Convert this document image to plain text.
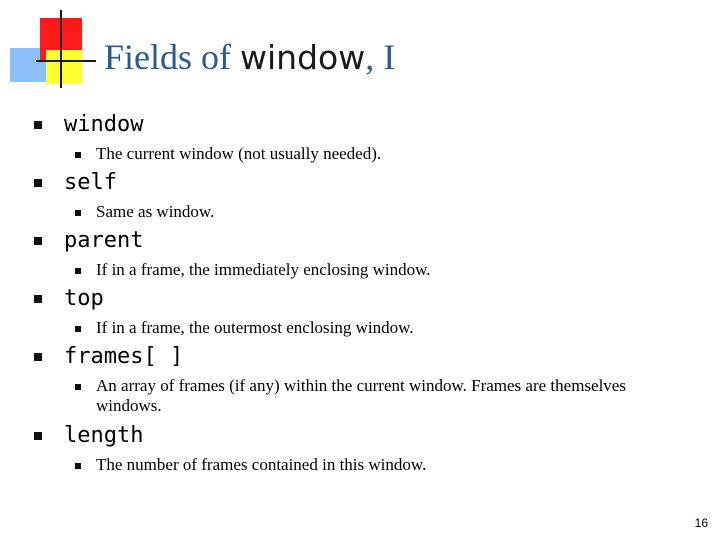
Fields of window, I
window
The current window (not usually needed).
self
Same as window.
parent
If in a frame, the immediately enclosing window.
top
If in a frame, the outermost enclosing window.
frames[ ]
An array of frames (if any) within the current window. Frames are themselves windows.
length
The number of frames contained in this window.
16
